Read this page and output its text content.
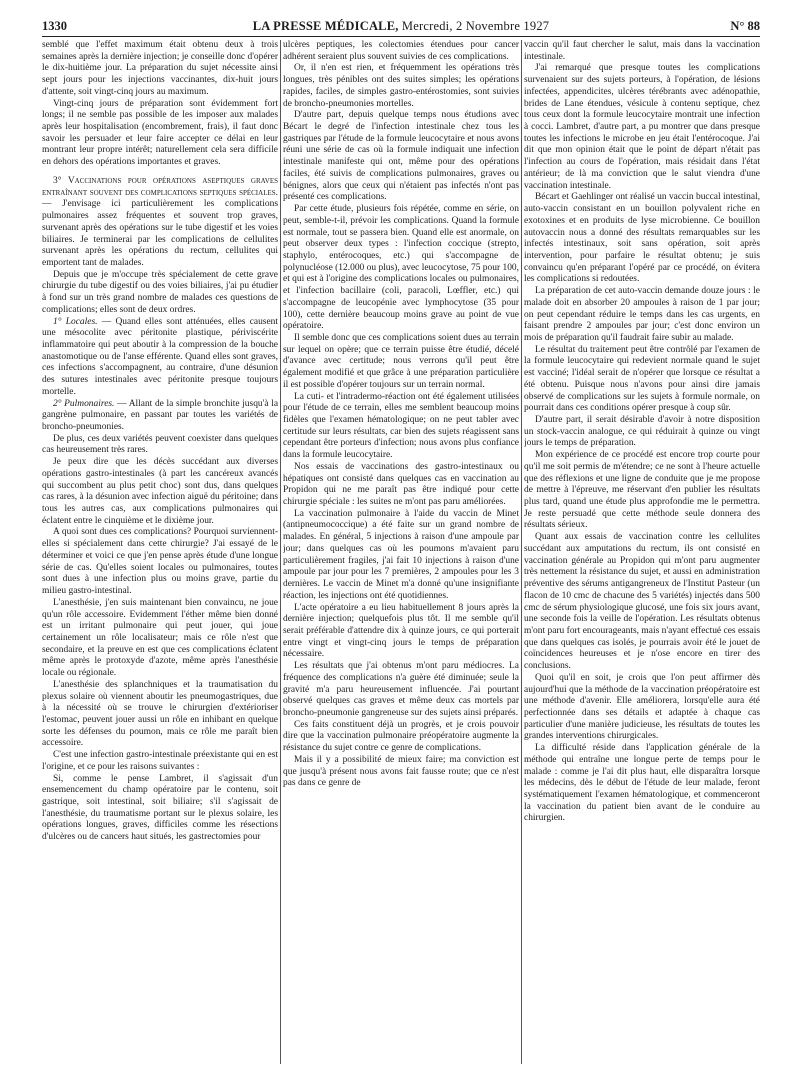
1330	LA PRESSE MÉDICALE, Mercredi, 2 Novembre 1927	N° 88

semblé que l'effet maximum était obtenu deux à trois semaines après la dernière injection; je conseille donc d'opérer le dix-huitième jour. La préparation du sujet nécessite ainsi sept jours pour les injections vaccinantes, dix-huit jours d'attente, soit vingt-cinq jours au maximum.

Vingt-cinq jours de préparation sont évidemment fort longs; il ne semble pas possible de les imposer aux malades après leur hospitalisation (encombrement, frais), il faut donc savoir les persuader et leur faire accepter ce délai en leur montrant leur propre intérêt; naturellement cela sera difficile en dehors des opérations importantes et graves.

3° Vaccinations pour opérations aseptiques graves entraînant souvent des complications septiques spéciales. — J'envisage ici particulièrement les complications pulmonaires assez fréquentes et souvent trop graves, survenant après des opérations sur le tube digestif et les voies biliaires. Je terminerai par les complications de cellulites survenant après les opérations du rectum, cellulites qui emportent tant de malades.

Depuis que je m'occupe très spécialement de cette grave chirurgie du tube digestif ou des voies biliaires, j'ai pu étudier à fond sur un très grand nombre de malades ces questions de complications; elles sont de deux ordres.

1° Locales. — Quand elles sont atténuées, elles causent une mésocolite avec péritonite plastique, périviscérite inflammatoire qui peut aboutir à la compression de la bouche anastomotique ou de l'anse efférente. Quand elles sont graves, ces infections s'accompagnent, au contraire, d'une désunion des sutures intestinales avec péritonite presque toujours mortelle.

2° Pulmonaires. — Allant de la simple bronchite jusqu'à la gangrène pulmonaire, en passant par toutes les variétés de broncho-pneumonies.

De plus, ces deux variétés peuvent coexister dans quelques cas heureusement très rares.

Je peux dire que les décès succédant aux diverses opérations gastro-intestinales (à part les cancéreux avancés qui succombent au plus petit choc) sont dus, dans quelques cas rares, à la désunion avec infection aiguë du péritoine; dans tous les autres cas, aux complications pulmonaires qui éclatent entre le cinquième et le dixième jour.

A quoi sont dues ces complications? Pourquoi surviennent-elles si spécialement dans cette chirurgie? J'ai essayé de le déterminer et voici ce que j'en pense après étude d'une longue série de cas. Qu'elles soient locales ou pulmonaires, toutes sont dues à une infection plus ou moins grave, partie du milieu gastro-intestinal.

L'anesthésie, j'en suis maintenant bien convaincu, ne joue qu'un rôle accessoire. Evidemment l'éther même bien donné est un irritant pulmonaire qui peut jouer, qui joue certainement un rôle localisateur; mais ce rôle n'est que secondaire, et la preuve en est que ces complications éclatent même après le protoxyde d'azote, même après l'anesthésie locale ou régionale.

L'anesthésie des splanchniques et la traumatisation du plexus solaire où viennent aboutir les pneumogastriques, due à la nécessité où se trouve le chirurgien d'extérioriser l'estomac, peuvent jouer aussi un rôle en inhibant en quelque sorte les défenses du poumon, mais ce rôle me paraît bien accessoire.

C'est une infection gastro-intestinale préexistante qui en est l'origine, et ce pour les raisons suivantes :

Si, comme le pense Lambret, il s'agissait d'un ensemencement du champ opératoire par le contenu, soit gastrique, soit intestinal, soit biliaire; s'il s'agissait de l'anesthésie, du traumatisme portant sur le plexus solaire, les opérations longues, graves, difficiles comme les résections d'ulcères ou de cancers haut situés, les gastrectomies pour

ulcères peptiques, les colectomies étendues pour cancer adhérent seraient plus souvent suivies de ces complications.

Or, il n'en est rien, et fréquemment les opérations très longues, très pénibles ont des suites simples; les opérations rapides, faciles, de simples gastro-entérostomies, sont suivies de broncho-pneumonies mortelles.

D'autre part, depuis quelque temps nous étudions avec Bécart le degré de l'infection intestinale chez tous les gastriques par l'étude de la formule leucocytaire et nous avons réuni une série de cas où la formule indiquait une infection intestinale manifeste qui ont, même pour des opérations faciles, été suivis de complications pulmonaires, graves ou bénignes, alors que ceux qui n'étaient pas infectés n'ont pas présenté ces complications.

Par cette étude, plusieurs fois répétée, comme en série, on peut, semble-t-il, prévoir les complications. Quand la formule est normale, tout se passera bien. Quand elle est anormale, on peut observer deux types : l'infection coccique (strepto, staphylo, entérocoques, etc.) qui s'accompagne de polynucléose (12.000 ou plus), avec leucocytose, 75 pour 100, et qui est à l'origine des complications locales ou pulmonaires, et l'infection bacillaire (coli, paracoli, Lœffler, etc.) qui s'accompagne de leucopénie avec lymphocytose (35 pour 100), cette dernière beaucoup moins grave au point de vue opératoire.

Il semble donc que ces complications soient dues au terrain sur lequel on opère; que ce terrain puisse être étudié, décelé d'avance avec certitude; nous verrons qu'il peut être également modifié et que grâce à une préparation particulière il est possible d'opérer toujours sur un terrain normal.

La cuti- et l'intradermo-réaction ont été également utilisées pour l'étude de ce terrain, elles me semblent beaucoup moins fidèles que l'examen hématologique; on ne peut tabler avec certitude sur leurs résultats, car bien des sujets réagissent sans cependant être porteurs d'infection; nous avons plus confiance dans la formule leucocytaire.

Nos essais de vaccinations des gastro-intestinaux ou hépatiques ont consisté dans quelques cas en vaccination au Propidon qui ne me paraît pas être indiqué pour cette chirurgie spéciale : les suites ne m'ont pas paru améliorées.

La vaccination pulmonaire à l'aide du vaccin de Minet (antipneumococcique) a été faite sur un grand nombre de malades. En général, 5 injections à raison d'une ampoule par jour; dans quelques cas où les poumons m'avaient paru particulièrement fragiles, j'ai fait 10 injections à raison d'une ampoule par jour pour les 7 premières, 2 ampoules pour les 3 dernières. Le vaccin de Minet m'a donné qu'une insignifiante réaction, les injections ont été quotidiennes.

L'acte opératoire a eu lieu habituellement 8 jours après la dernière injection; quelquefois plus tôt. Il me semble qu'il serait préférable d'attendre dix à quinze jours, ce qui porterait entre vingt et vingt-cinq jours le temps de préparation nécessaire.

Les résultats que j'ai obtenus m'ont paru médiocres. La fréquence des complications n'a guère été diminuée; seule la gravité m'a paru heureusement influencée. J'ai pourtant observé quelques cas graves et même deux cas mortels par broncho-pneumonie gangreneuse sur des sujets ainsi préparés.

Ces faits constituent déjà un progrès, et je crois pouvoir dire que la vaccination pulmonaire préopératoire augmente la résistance du sujet contre ce genre de complications.

Mais il y a possibilité de mieux faire; ma conviction est que jusqu'à présent nous avons fait fausse route; que ce n'est pas dans ce genre de

vaccin qu'il faut chercher le salut, mais dans la vaccination intestinale.

J'ai remarqué que presque toutes les complications survenaient sur des sujets porteurs, à l'opération, de lésions infectées, appendicites, ulcères térébrants avec adénopathie, brides de Lane étendues, vésicule à contenu septique, chez tous ceux dont la formule leucocytaire montrait une infection à cocci. Lambret, d'autre part, a pu montrer que dans presque toutes les infections le microbe en jeu était l'entérocoque. J'ai dit que mon opinion était que le point de départ n'était pas l'infection au cours de l'opération, mais résidait dans l'état antérieur; de là ma conviction que le salut viendra d'une vaccination intestinale.

Bécart et Gaehlinger ont réalisé un vaccin buccal intestinal, auto-vaccin consistant en un bouillon polyvalent riche en exotoxines et en produits de lyse microbienne. Ce bouillon autovaccin nous a donné des résultats remarquables sur les infectés intestinaux, soit sans opération, soit après intervention, pour parfaire le résultat obtenu; je suis convaincu qu'en préparant l'opéré par ce procédé, on évitera les complications si redoutées.

La préparation de cet auto-vaccin demande douze jours : le malade doit en absorber 20 ampoules à raison de 1 par jour; on peut cependant réduire le temps dans les cas urgents, en faisant prendre 2 ampoules par jour; c'est donc environ un mois de préparation qu'il faudrait faire subir au malade.

Le résultat du traitement peut être contrôlé par l'examen de la formule leucocytaire qui redevient normale quand le sujet est vacciné; l'idéal serait de n'opérer que lorsque ce résultat a été obtenu. Puisque nous n'avons pour ainsi dire jamais observé de complications sur les sujets à formule normale, on pourrait dans ces conditions opérer presque à coup sûr.

D'autre part, il serait désirable d'avoir à notre disposition un stock-vaccin analogue, ce qui réduirait à quinze ou vingt jours le temps de préparation.

Mon expérience de ce procédé est encore trop courte pour qu'il me soit permis de m'étendre; ce ne sont à l'heure actuelle que des réflexions et une ligne de conduite que je me propose de mettre à l'épreuve, me réservant d'en publier les résultats plus tard, quand une étude plus approfondie me le permettra. Je reste persuadé que cette méthode seule donnera des résultats sérieux.

Quant aux essais de vaccination contre les cellulites succédant aux amputations du rectum, ils ont consisté en vaccination générale au Propidon qui m'ont paru augmenter très nettement la résistance du sujet, et aussi en administration préventive des sérums antigangreneux de l'Institut Pasteur (un flacon de 10 cmc de chacune des 5 variétés) injectés dans 500 cmc de sérum physiologique glucosé, une fois six jours avant, une seconde fois la veille de l'opération. Les résultats obtenus m'ont paru fort encourageants, mais n'ayant effectué ces essais que dans quelques cas isolés, je pourrais avoir été le jouet de coïncidences heureuses et je n'ose encore en tirer des conclusions.

Quoi qu'il en soit, je crois que l'on peut affirmer dès aujourd'hui que la méthode de la vaccination préopératoire est une méthode d'avenir. Elle améliorera, lorsqu'elle aura été perfectionnée dans ses détails et adaptée à chaque cas particulier d'une manière judicieuse, les résultats de toutes les grandes interventions chirurgicales.

La difficulté réside dans l'application générale de la méthode qui entraîne une longue perte de temps pour le malade : comme je l'ai dit plus haut, elle disparaîtra lorsque les médecins, dès le début de l'étude de leur malade, feront systématiquement l'examen hématologique, et commenceront la vaccination du patient bien avant de le conduire au chirurgien.
